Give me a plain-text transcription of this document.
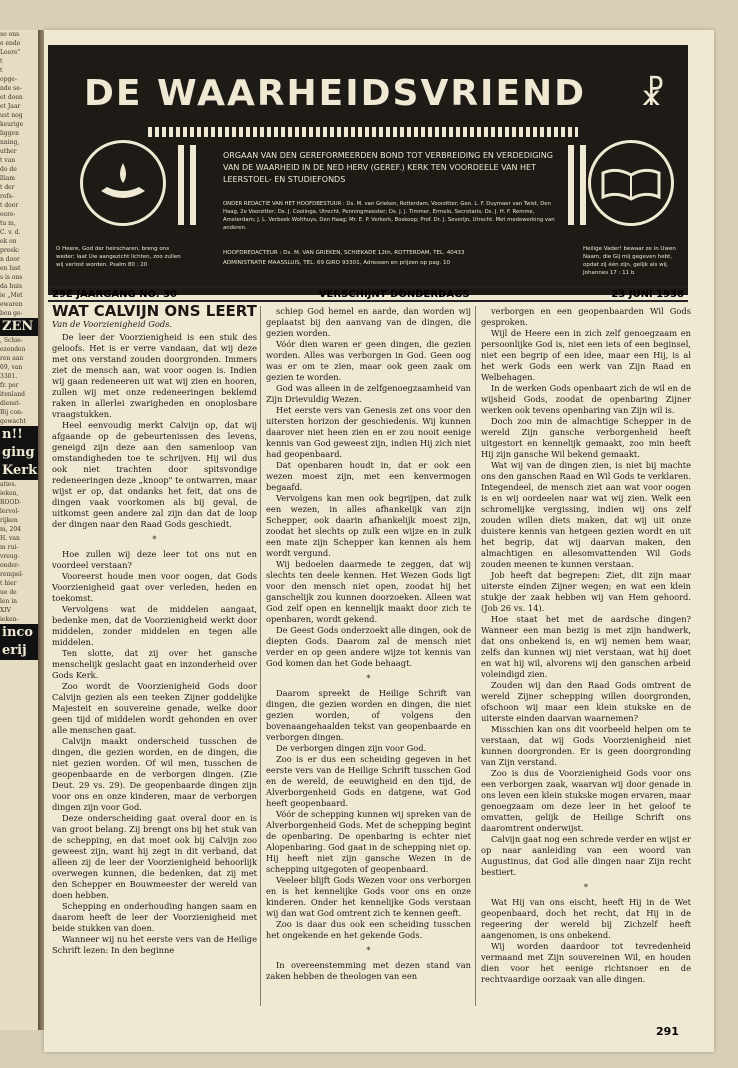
so ons
e ende
Leere"
t
t
opge-
nde se-
et doen
et Jaar
ust nog
keurige
liggen
nning,
uther
t van
do de
lliam
t der
rofs-
t door
eere-
tu m,
C. v. d.
ek on
preek:
n door
en lust
s is ons
da huis
ie „Met
ewaren
ben ge-
ZEN
, Schie-
ezonden
ren aan
69, van
3301.
fr. per
itenland
dienst-
Bij con-
gewacht
n!!
ging
Kerk
aties.
ieken,
ROOD-
lervol-
rijken
m, 204
H. van
m rui-
vreug-
onder-
rempel-
t hier
ue de
len in
XIV
ieken-
inco
erij
DE WAARHEIDSVRIEND ☧
ORGAAN VAN DEN GEREFORMEERDEN BOND TOT VERBREIDING EN VERDEDIGING VAN DE WAARHEID IN DE NED HERV (GEREF.) KERK TEN VOORDEELE VAN HET LEERSTOEL- EN STUDIEFONDS
ONDER REDACTIE VAN HET HOOFDBESTUUR : Ds. M. van Grieken, Rotterdam, Voorzitter; Gen. L. F. Duymaer van Twist, Den Haag, 2e Voorzitter; Ds. J. Coolinga, Utrecht, Penningmeester; Ds. J. J. Timmer, Ermelo, Secretaris; Ds. J. H. F. Remme, Amsterdam; J. L. Verbeek Wolthuys, Den Haag; Mr. E. P. Verkerk, Boskoop; Prof. Dr. J. Severijn, Utrecht. Met medewerking van anderen.
O Heere, God der heirscharen, breng ons weder; laat Uw aangezicht lichten, zoo zullen wij verlost worden. Psalm 80 : 20
HOOFDREDACTEUR : Ds. M. VAN GRIEKEN, SCHIEKADE 12th, ROTTERDAM, TEL. 40433
ADMINISTRATIE MAASSLUIS, TEL. 69 GIRO 93301, Adressen en prijzen op pag. 10
Heilige Vader! bewaar ze in Uwen Naam, die Gij mij gegeven hebt, opdat zij één zijn, gelijk als wij. Johannes 17 : 11 b
29E JAARGANG NO. 30	VERSCHIJNT DONDERDAGS	23 JUNI 1938
WAT CALVIJN ONS LEERT
Van de Voorzienigheid Gods.

De leer der Voorzienigheid is een stuk des geloofs. Het is er verre vandaan, dat wij deze met ons verstand zouden doorgronden. Immers ziet de mensch aan, wat voor oogen is. Indien wij gaan redeneeren uit wat wij zien en hooren, zullen wij met onze redeneeringen beklemd raken in allerlei zwarigheden en onoplosbare vraagstukken.

Heel eenvoudig merkt Calvijn op, dat wij afgaande op de gebeurtenissen des levens, geneigd zijn deze aan den samenloop van omstandigheden toe te schrijven. Hij wil dus ook niet trachten door spitsvondige redeneeringen deze „knoop" te ontwarren, maar wijst er op, dat ondanks het feit, dat ons de dingen vaak voorkomen als bij geval, de uitkomst geen andere zal zijn dan dat de loop der dingen naar den Raad Gods geschiedt.

*

Hoe zullen wij deze leer tot ons nut en voordeel verstaan?

Vooreerst houde men voor oogen, dat Gods Voorzienigheid gaat over verleden, heden en toekomst.

Vervolgens wat de middelen aangaat, bedenke men, dat de Voorzienigheid werkt door middelen, zonder middelen en tegen alle middelen.

Ten slotte, dat zij over het gansche menschelijk geslacht gaat en inzonderheid over Gods Kerk.

Zoo wordt de Voorzienigheid Gods door Calvijn gezien als een teeken Zijner goddelijke Majesteit en souvereine genade, welke door geen tijd of middelen wordt gehonden en over alle menschen gaat.

Calvijn maakt onderscheid tusschen de dingen, die gezien worden, en de dingen, die niet gezien worden. Of wil men, tusschen de geopenbaarde en de verborgen dingen. (Zie Deut. 29 vs. 29). De geopenbaarde dingen zijn voor ons en onze kinderen, maar de verborgen dingen zijn voor God.

Deze onderscheiding gaat overal door en is van groot belang. Zij brengt ons bij het stuk van de schepping, en dat moet ook bij Calvijn zoo geweest zijn, want hij zegt in dit verband, dat alleen zij de leer der Voorzienigheid behoorlijk overwegen kunnen, die bedenken, dat zij met den Schepper en Bouwmeester der wereld van doen hebben.

Schepping en onderhouding hangen saam en daarom heeft de leer der Voorzienigheid met beide stukken van doen.

Wanneer wij nu het eerste vers van de Heilige Schrift lezen: In den beginne

schiep God hemel en aarde, dan worden wij geplaatst bij den aanvang van de dingen, die gezien worden.

Vóór dien waren er geen dingen, die gezien worden. Alles was verborgen in God. Geen oog was er om te zien, maar ook geen zaak om gezien te worden.

God was alleen in de zelfgenoegzaamheid van Zijn Drievuldig Wezen.

Het eerste vers van Genesis zet ons voor den uitersten horizon der geschiedenis. Wij kunnen daarover niet heen zien en er zou nooit eenige kennis van God geweest zijn, indien Hij zich niet had geopenbaard.

Dat openbaren houdt in, dat er ook een wezen moest zijn, met een kenvermogen begaafd.

Vervolgens kan men ook begrijpen, dat zulk een wezen, in alles afhankelijk van zijn Schepper, ook daarin afhankelijk moest zijn, zoodat het slechts op zulk een wijze en in zulk een mate zijn Schepper kan kennen als hem wordt vergund.

Wij bedoelen daarmede te zeggen, dat wij slechts ten deele kennen. Het Wezen Gods ligt voor den mensch niet open, zoodat hij het ganschelijk zou kunnen doorzoeken. Alleen wat God zelf open en kennelijk maakt door zich te openbaren, wordt gekend.

De Geest Gods onderzoekt alle dingen, ook de diepten Gods. Daarom zal de mensch niet verder en op geen andere wijze tot kennis van God komen dan het Gode behaagt.

*

Daarom spreekt de Heilige Schrift van dingen, die gezien worden en dingen, die niet gezien worden, of volgens den bovenaangehaalden tekst van geopenbaarde en verborgen dingen.

De verborgen dingen zijn voor God.

Zoo is er dus een scheiding gegeven in het eerste vers van de Heilige Schrift tusschen God en de wereld, de eeuwigheid en den tijd, de Alverborgenheid Gods en datgene, wat God heeft geopenbaard.

Vóór de schepping kunnen wij spreken van de Alverborgenheid Gods. Met de schepping begint de openbaring. De openbaring is echter niet Alopenbaring. God gaat in de schepping niet op. Hij heeft niet zijn gansche Wezen in de schepping uitgegoten of geopenbaard.

Veeleer blijft Gods Wezen voor ons verborgen en is het kennelijke Gods voor ons en onze kinderen. Onder het kennelijke Gods verstaan wij dan wat God omtrent zich te kennen geeft.

Zoo is daar dus ook een scheiding tusschen het ongekende en het gekende Gods.

*

In overeenstemming met dezen stand van zaken hebben de theologen van een

verborgen en een geopenbaarden Wil Gods gesproken.

Wijl de Heere een in zich zelf genoegzaam en persoonlijke God is, niet een iets of een beginsel, niet een begrip of een idee, maar een Hij, is al het werk Gods een werk van Zijn Raad en Welbehagen.

In de werken Gods openbaart zich de wil en de wijsheid Gods, zoodat de openbaring Zijner werken ook tevens openbaring van Zijn wil is.

Doch zoo min de almachtige Schepper in de wereld Zijn gansche verborgenheid heeft uitgestort en kennelijk gemaakt, zoo min heeft Hij zijn gansche Wil bekend gemaakt.

Wat wij van de dingen zien, is niet bij machte ons den ganschen Raad en Wil Gods te verklaren. Integendeel, de mensch ziet aan wat voor oogen is en wij oordeelen naar wat wij zien. Welk een schromelijke vergissing, indien wij ons zelf zouden willen diets maken, dat wij uit onze duistere kennis van hetgeen gezien wordt en uit het begrip, dat wij daarvan maken, den almachtigen en allesomvattenden Wil Gods zouden meenen te kunnen verstaan.

Job heeft dat begrepen: Ziet, dit zijn maar uiterste einden Zijner wegen; en wat een klein stukje der zaak hebben wij van Hem gehoord. (Job 26 vs. 14).

Hoe staat het met de aardsche dingen? Wanneer een man bezig is met zijn handwerk, dat ons onbekend is, en wij nemen hem waar, zelfs dan kunnen wij niet verstaan, wat hij doet en wat hij wil, alvorens wij den ganschen arbeid voleindigd zien.

Zouden wij dan den Raad Gods omtrent de wereld Zijner schepping willen doorgronden, ofschoon wij maar een klein stukske en de uiterste einden daarvan waarnemen?

Misschien kan ons dit voorbeeld helpen om te verstaan, dat wij Gods Voorzienigheid niet kunnen doorgronden. Er is geen doorgronding van Zijn verstand.

Zoo is dus de Voorzienigheid Gods voor ons een verborgen zaak, waarvan wij door genade in ons leven een klein stukske mogen ervaren, maar genoegzaam om deze leer in het geloof te omvatten, gelijk de Heilige Schrift ons daaromtrent onderwijst.

Calvijn gaat nog een schrede verder en wijst er op naar aanleiding van een woord van Augustinus, dat God alle dingen naar Zijn recht bestiert.

*

Wat Hij van ons eischt, heeft Hij in de Wet geopenbaard, doch het recht, dat Hij in de regeering der wereld bij Zichzelf heeft aangenomen, is ons onbekend.

Wij worden daardoor tot tevredenheid vermaand met Zijn souvereinen Wil, en houden dien voor het eenige richtsnoer en de rechtvaardige oorzaak van alle dingen.

291
